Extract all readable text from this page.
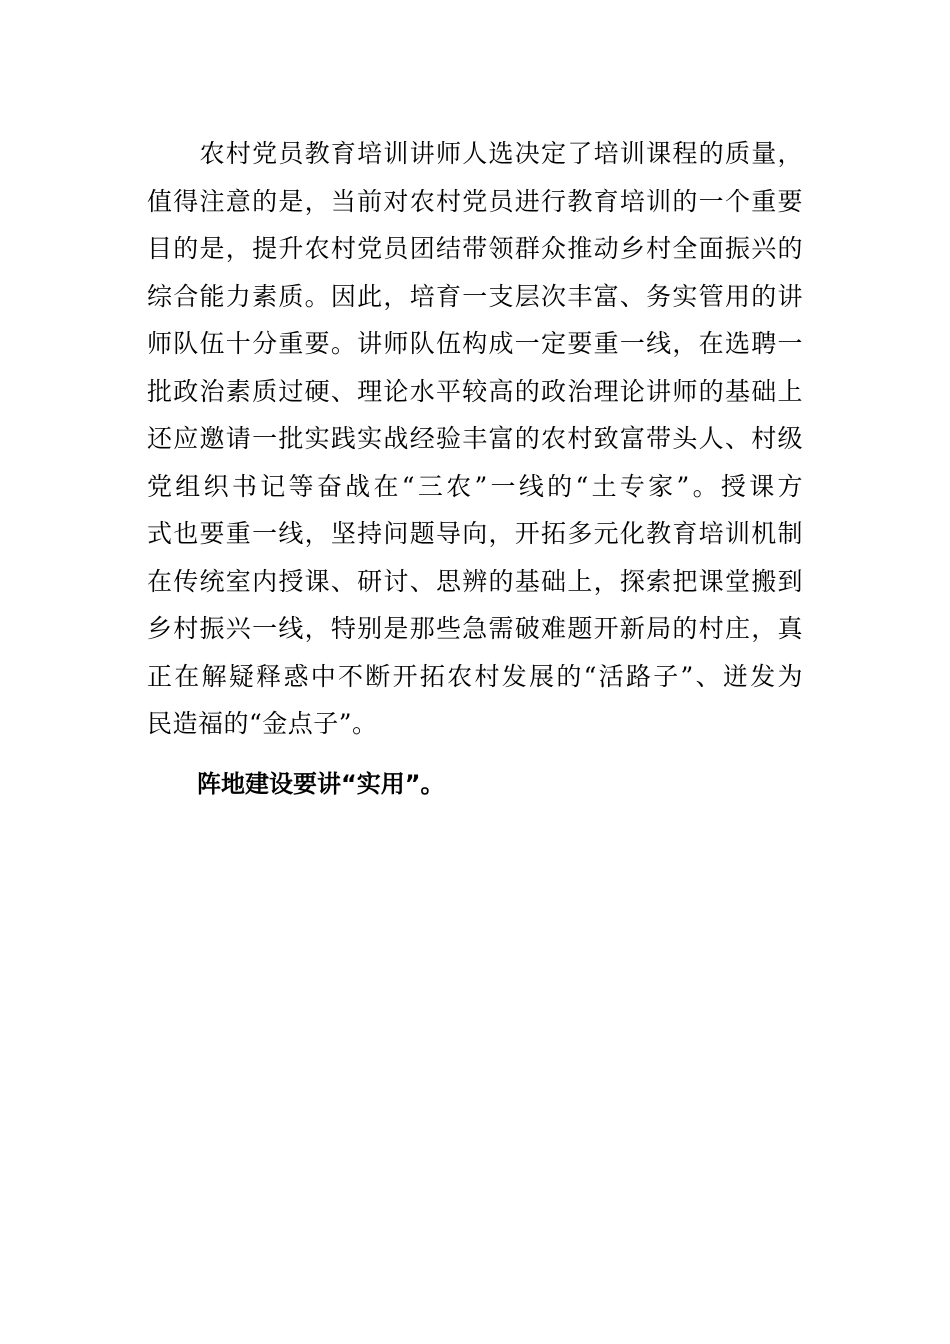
　　农村党员教育培训讲师人选决定了培训课程的质量，
值得注意的是，当前对农村党员进行教育培训的一个重要
目的是，提升农村党员团结带领群众推动乡村全面振兴的
综合能力素质。因此，培育一支层次丰富、务实管用的讲
师队伍十分重要。讲师队伍构成一定要重一线，在选聘一
批政治素质过硬、理论水平较高的政治理论讲师的基础上
还应邀请一批实践实战经验丰富的农村致富带头人、村级
党组织书记等奋战在“三农”一线的“土专家”。授课方
式也要重一线，坚持问题导向，开拓多元化教育培训机制
在传统室内授课、研讨、思辨的基础上，探索把课堂搬到
乡村振兴一线，特别是那些急需破难题开新局的村庄，真
正在解疑释惑中不断开拓农村发展的“活路子”、迸发为
民造福的“金点子”。
阵地建设要讲“实用”。
